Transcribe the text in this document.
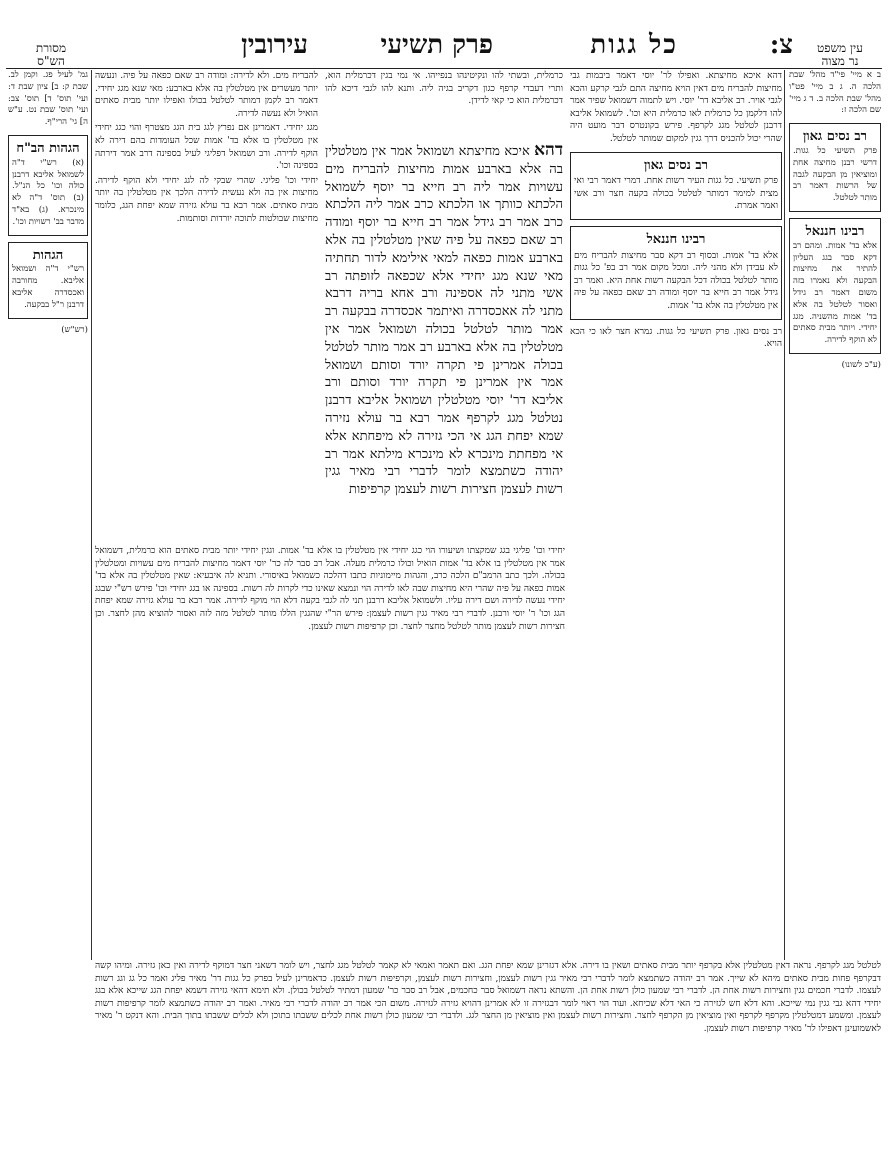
עין משפט
נר מצוה
צ:
כל גגות
פרק תשיעי
עירובין
מסורת
הש"ס

ב א מיי' פי"ד מהל' שבת הלכה ה. ג ב מיי' פט"ו מהל' שבת הלכה ב. ד ג מיי' שם הלכה ז:

רב נסים גאון

פרק תשיעי כל גגות. דרשי רבנן מחיצה אחת ומוציאין מן הבקעה לגבה של הרשות דאמר רב מותר לטלטל.

רבינו חננאל

אלא בד' אמות. ומהם רב דקא סבר בגג העליון להתיר את מחיצות הבקעה ולא נאמרו בזה משום דאמר רב גידל ואסור לטלטל בה אלא בד' אמות מהשניה. מגג יחידי. ויותר מבית סאתים לא הוקף לדירה.

(ע"כ לשונו)

דהא איכא מחיצתא. ואפילו לר' יוסי דאמר ביבמות גבי מחיצות להבריח מים דאין הויא מחיצה התם לגבי קרקע והכא לגבי אויר. רב אליבא דר' יוסי. ויש לתמוה דשמואל שפיר אמר להו דלקמן כל כרמלית לאו כרמלית היא וכו'. לשמואל אליבא דרבנן לטלטל מגג לקרפף. פירש בקונטרס דבר מועט היה שהרי יכול להכניס דרך גגין למקום שמותר לטלטל.

רב נסים גאון

פרק תשיעי. כל גגות העיר רשות אחת. דמרי דאמר רבי ואי מצית למימר דמותר לטלטל בכולה בקעה חצר ורב אשי ואמר אמרת.

רבינו חננאל

אלא בד' אמות. ובסוף רב דקא סבר מחיצות להבריח מים לא עבידן ולא מהני ליה. ומכל מקום אמר רב בפ' כל גגות מותר לטלטל בכולה דכל הבקעה רשות אחת היא. ואמר רב גידל אמר רב חייא בר יוסף ומודה רב שאם כפאה על פיה אין מטלטלין בה אלא בד' אמות.

רב נסים גאון. פרק תשיעי כל גגות. גמרא חצר לאו כי הכא הויא.

כרמלית, ובשתי להו ונקיטינהו בנפייהו. אי נמי בגין דכרמלית הוא, ותרי דעבדי קרפף כגון דקריב בגיה ליה. ותנא להו לגבי דיכא להו דכרמלית הוא כי קאי לדידן.
דהא איכא מחיצתא ושמואל אמר אין מטלטלין בה אלא בארבע אמות מחיצות להבריח מים עשויות אמר ליה רב חייא בר יוסף לשמואל הלכתא כוותך או הלכתא כרב אמר ליה הלכתא כרב אמר רב גידל אמר רב חייא בר יוסף ומודה רב שאם כפאה על פיה שאין מטלטלין בה אלא בארבע אמות כפאה למאי אילימא לדור תחתיה מאי שנא מגג יחידי אלא שכפאה לזופתה רב אשי מתני לה אספינה ורב אחא בריה דרבא מתני לה אאכסדרה ואיתמר אכסדרה בבקעה רב אמר מותר לטלטל בכולה ושמואל אמר אין מטלטלין בה אלא בארבע רב אמר מותר לטלטל בכולה אמרינן פי תקרה יורד וסותם ושמואל אמר אין אמרינן פי תקרה יורד וסותם ורב אליבא דר' יוסי מטלטלין ושמואל אליבא דרבנן נטלטל מגג לקרפף אמר רבא בר עולא נזירה שמא יפחת הגג אי הכי גזירה לא מיפחתא אלא אי מפחתת מינכרא לא מינכרא מילתא אמר רב יהודה כשתמצא לומר לדברי רבי מאיר גגין רשות לעצמן חצירות רשות לעצמן קרפיפות

להבריח מים. ולא לדירה: ומודה רב שאם כפאה על פיה. ונעשה יותר מעשרים אין מטלטלין בה אלא בארבע: מאי שנא מגג יחידי. דאמר רב לקמן דמותר לטלטל בכולו ואפילו יותר מבית סאתים הואיל ולא נעשה לדירה.

מגג יחידי. דאמרינן אם נפרץ לגג בית הגג מצטרף והוי כגג יחידי אין מטלטלין בו אלא בד' אמות שכל העומדות בהם דירה לא הוקף לדירה. ורב ושמואל דפליגי לעיל בספינה דרב אמר דירתה בספינה וכו'.

יחידי וכו' פליגי. שהרי שבקי לה לגג יחידי ולא הוקף לדירה. מחיצות אין בה ולא נעשית לדירה הלכך אין מטלטלין בה יותר מבית סאתים. אמר רבא בר עולא גזירה שמא יפחת הגג, כלומר מחיצות שבולטות לתוכה יורדות וסותמות.

גמ' לעיל פג. וקמן לב. שבת ק: ב] ציון שבת ד: ועי' תוס' ד] תוס' צב: ועי' תוס' שבת נט. ע"ש ה] גי' הרי"ף.

הגהות הב"ח

(א) רש"י ד"ה לשמואל אליבא דרבנן כולה וכו' כל הנ"ל. (ב) תוס' ד"ה לא מינכרא. (ג) בא"ד מדבר בב' רשויות וכו'.

הגהות

רש"י ד"ה ושמואל אליבא. מחורבה ואכסדרה אליבא דרבנן ר"ל בבקעה.

(רש"ש)

יחידי וכו' פליגי בגג שמקצתו ושיעורו הוי כגג יחידי אין מטלטלין בו אלא בד' אמות. וגגין יחידי יותר מבית סאתים הוא כרמלית, דשמואל אמר אין מטלטלין בו אלא בד' אמות הואיל וכולו כרמלית מעלה. אבל רב סבר לה כר' יוסי דאמר מחיצות להבריח מים עשויות ומטלטלין בכולה. ולכך כתב הרמב"ם הלכה כרב, והגהות מיימוניות כתבו דהלכה כשמואל באיסורי. ותניא לה איבעיא: שאין מטלטלין בה אלא בד' אמות כפאה על פיה שהרי היא מחיצות שבה לאו לדירה הוי ונמצא שאינו כדי לקרות לה רשות. בספינה או בגג יחידי וכו' פירש רש"י שבגג יחידי נעשה לדירה ושם דירה עליו. ולשמואל אליבא דרבנן תני לה לגבי בקעה דלא הוי מוקף לדירה. אמר רבא בר עולא גזירה שמא יפחת הגג וכו' ר' יוסי ורבנן. לדברי רבי מאיר גגין רשות לעצמן: פירש הר"י שהגגין הללו מותר לטלטל מזה לזה ואסור להוציא מהן לחצר. וכן חצירות רשות לעצמן מותר לטלטל מחצר לחצר. וכן קרפיפות רשות לעצמן.

לטלטל מגג לקרפף. נראה דאין מטלטלין אלא בקרפף יותר מבית סאתים ושאין בו דירה. אלא דגזרינן שמא יפחת הגג. ואם תאמר ואמאי לא קאמר לטלטל מגג לחצר, ויש לומר דשאני חצר דמוקף לדירה ואין כאן גזירה. ומיהו קשה דבקרפף פחות מבית סאתים מיהא לא שייך. אמר רב יהודה כשתמצא לומר לדברי רבי מאיר גגין רשות לעצמן, וחצירות רשות לעצמן, וקרפיפות רשות לעצמן. כדאמרינן לעיל בפרק כל גגות דר' מאיר פליג ואמר כל גג וגג רשות לעצמו. לדברי חכמים גגין וחצירות רשות אחת הן. לדברי רבי שמעון כולן רשות אחת הן. והשתא נראה דשמואל סבר כחכמים, אבל רב סבר כר' שמעון דמתיר לטלטל בכולן. ולא תימא דהאי גזירה דשמא יפחת הגג שייכא אלא בגג יחידי דהא גבי גגין נמי שייכא. והא דלא חש לגזירה כי האי דלא שכיחא. ועוד הוי ראוי לומר דבגזירה זו לא אמרינן דהויא גזירה לגזירה. משום הכי אמר רב יהודה לדברי רבי מאיר. ואמר רב יהודה כשתמצא לומר קרפיפות רשות לעצמן. ומשמע דמטלטלין מקרפף לקרפף ואין מוציאין מן הקרפף לחצר. וחצירות רשות לעצמן ואין מוציאין מן החצר לגג. ולדברי רבי שמעון כולן רשות אחת לכלים ששבתו בתוכן ולא לכלים ששבתו בתוך הבית. והא דנקט ר' מאיר לאשמועינן דאפילו לר' מאיר קרפיפות רשות לעצמן.
